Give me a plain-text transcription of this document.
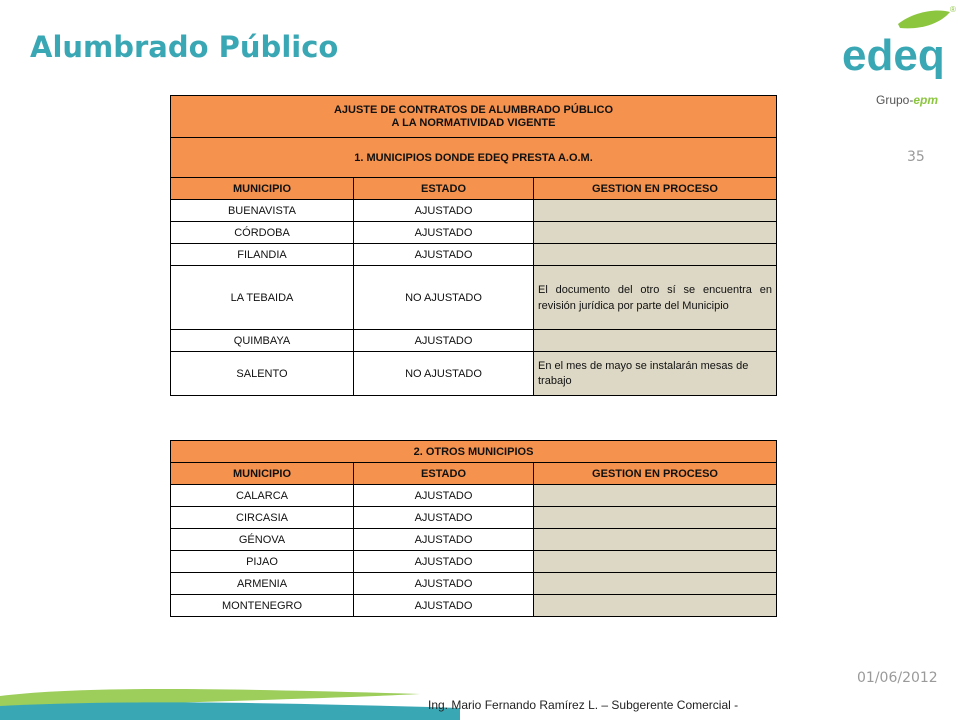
Alumbrado Público
®
edeq
Grupo-epm
35
AJUSTE DE CONTRATOS DE ALUMBRADO PÚBLICO
A LA NORMATIVIDAD VIGENTE		
1. MUNICIPIOS DONDE EDEQ PRESTA A.O.M.		
MUNICIPIO	ESTADO	GESTION EN PROCESO
BUENAVISTA	AJUSTADO	
CÓRDOBA	AJUSTADO	
FILANDIA	AJUSTADO	
LA TEBAIDA	NO AJUSTADO	El documento del otro sí se encuentra en revisión jurídica por parte del Municipio
QUIMBAYA	AJUSTADO	
SALENTO	NO AJUSTADO	En el mes de mayo se instalarán mesas de trabajo
2. OTROS MUNICIPIOS		
MUNICIPIO	ESTADO	GESTION EN PROCESO
CALARCA	AJUSTADO	
CIRCASIA	AJUSTADO	
GÉNOVA	AJUSTADO	
PIJAO	AJUSTADO	
ARMENIA	AJUSTADO	
MONTENEGRO	AJUSTADO	
01/06/2012
Ing. Mario Fernando Ramírez L. – Subgerente Comercial -
